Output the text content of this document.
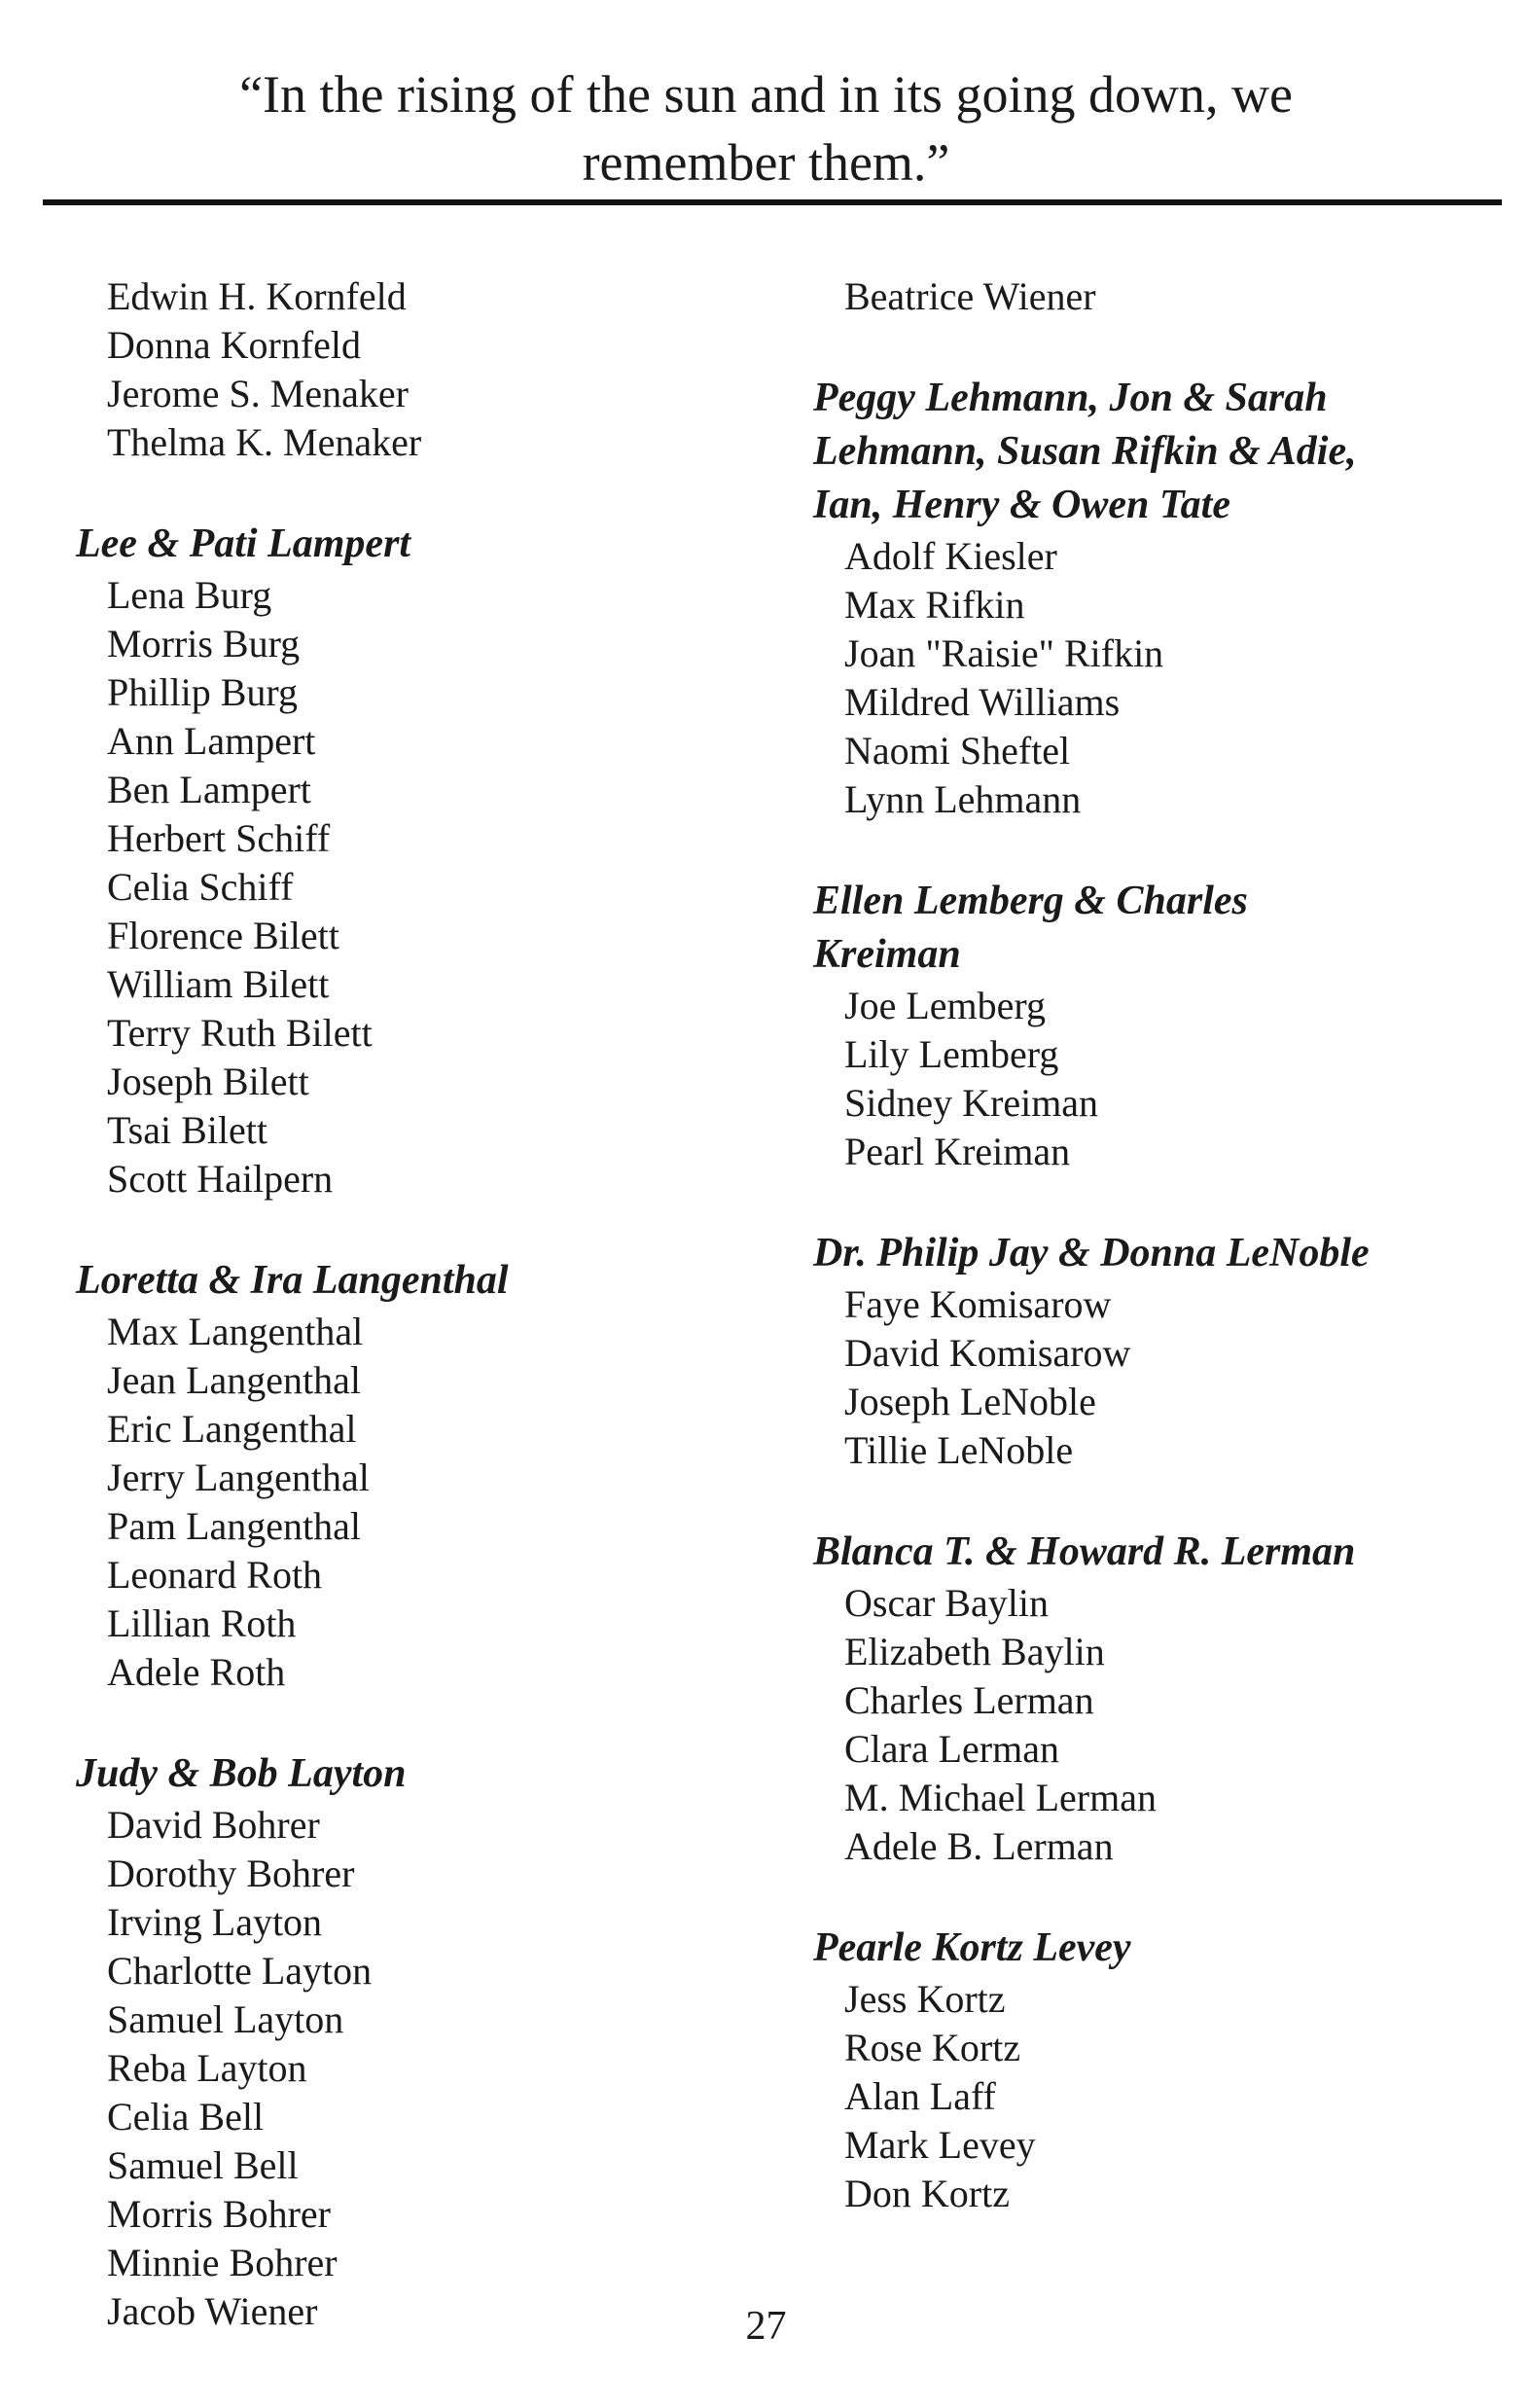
“In the rising of the sun and in its going down, we
remember them.”
Edwin H. Kornfeld
Donna Kornfeld
Jerome S. Menaker
Thelma K. Menaker
Lee & Pati Lampert
Lena Burg
Morris Burg
Phillip Burg
Ann Lampert
Ben Lampert
Herbert Schiff
Celia Schiff
Florence Bilett
William Bilett
Terry Ruth Bilett
Joseph Bilett
Tsai Bilett
Scott Hailpern
Loretta & Ira Langenthal
Max Langenthal
Jean Langenthal
Eric Langenthal
Jerry Langenthal
Pam Langenthal
Leonard Roth
Lillian Roth
Adele Roth
Judy & Bob Layton
David Bohrer
Dorothy Bohrer
Irving Layton
Charlotte Layton
Samuel Layton
Reba Layton
Celia Bell
Samuel Bell
Morris Bohrer
Minnie Bohrer
Jacob Wiener
Beatrice Wiener
Peggy Lehmann, Jon & Sarah
Lehmann, Susan Rifkin & Adie,
Ian, Henry & Owen Tate
Adolf Kiesler
Max Rifkin
Joan "Raisie" Rifkin
Mildred Williams
Naomi Sheftel
Lynn Lehmann
Ellen Lemberg & Charles
Kreiman
Joe Lemberg
Lily Lemberg
Sidney Kreiman
Pearl Kreiman
Dr. Philip Jay & Donna LeNoble
Faye Komisarow
David Komisarow
Joseph LeNoble
Tillie LeNoble
Blanca T. & Howard R. Lerman
Oscar Baylin
Elizabeth Baylin
Charles Lerman
Clara Lerman
M. Michael Lerman
Adele B. Lerman
Pearle Kortz Levey
Jess Kortz
Rose Kortz
Alan Laff
Mark Levey
Don Kortz
27
